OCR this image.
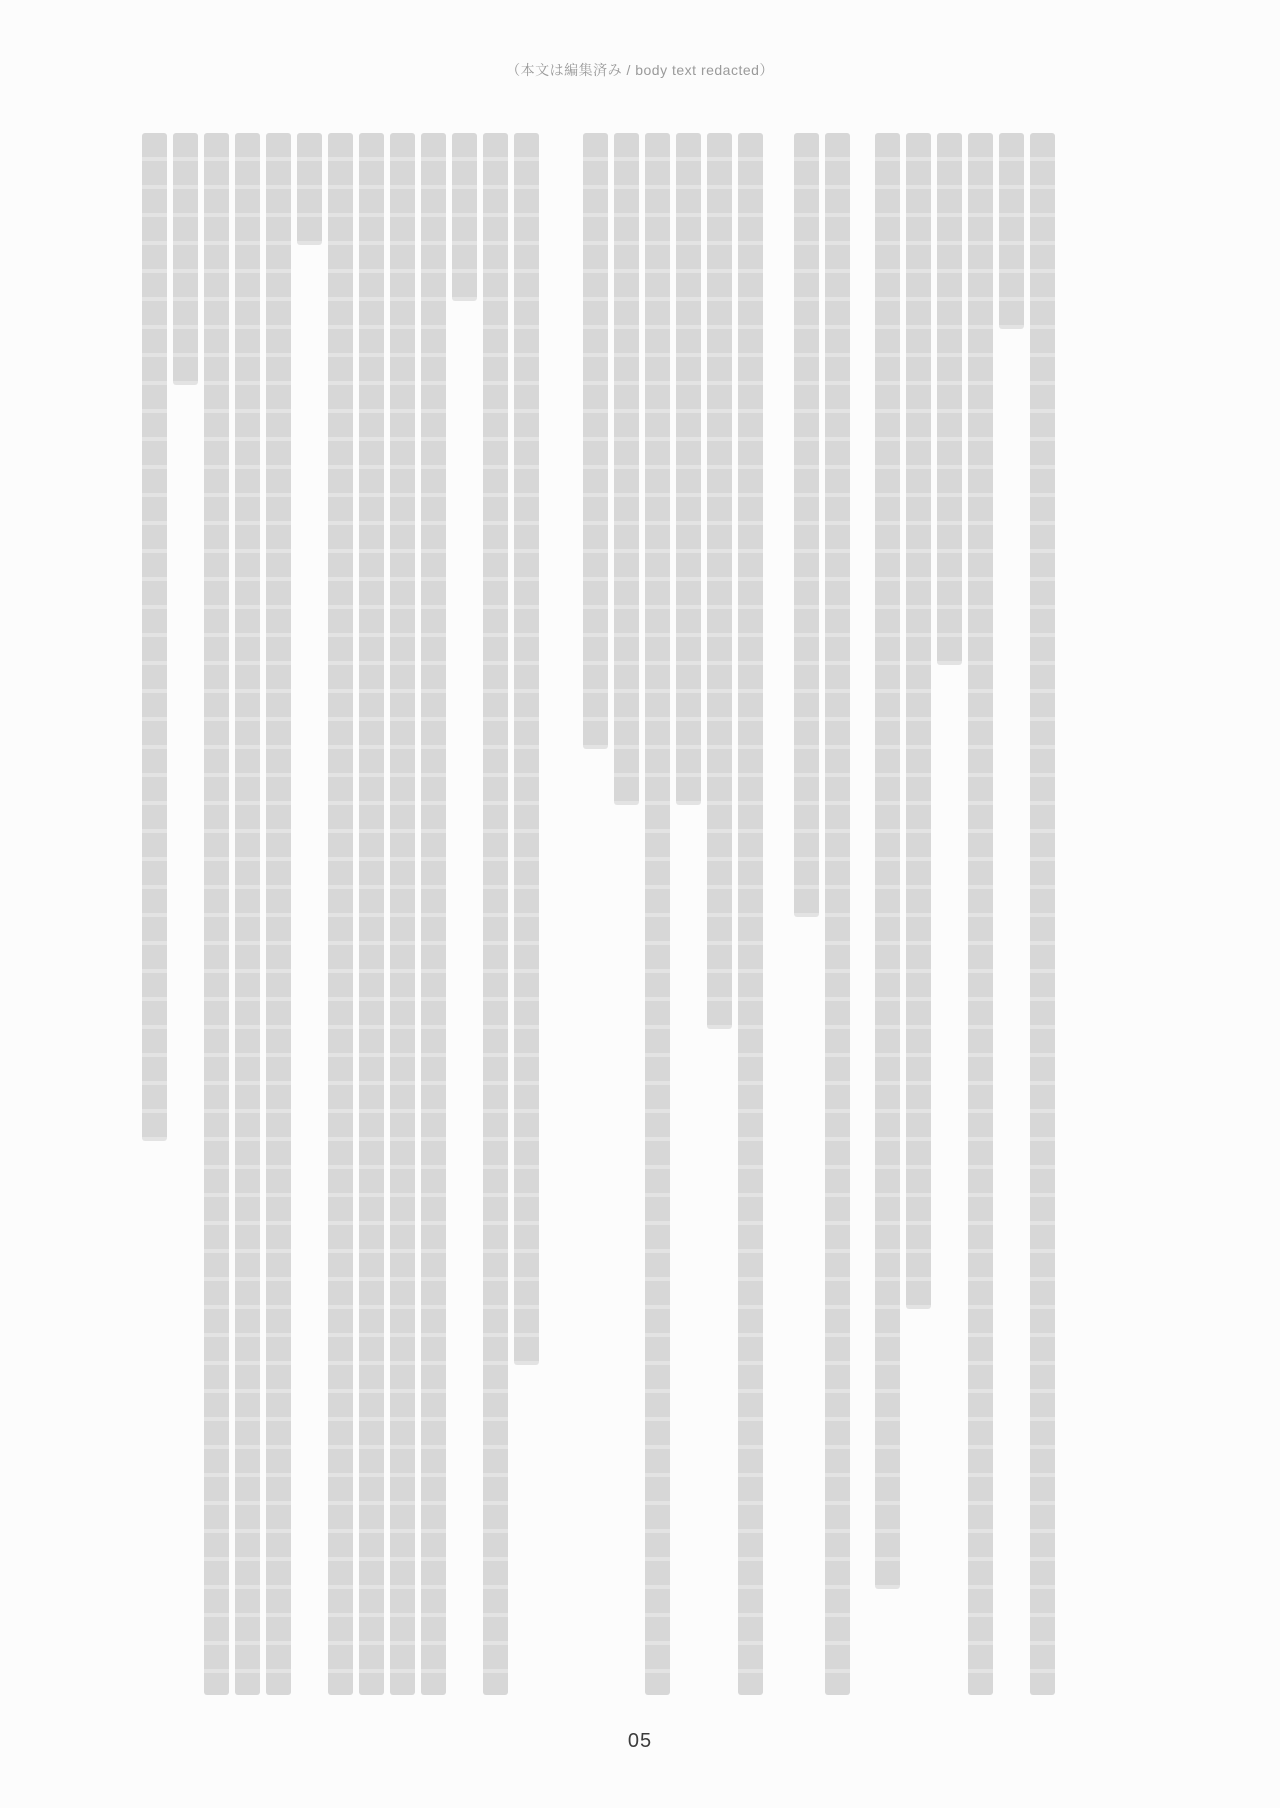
（本文は編集済み / body text redacted）
05
